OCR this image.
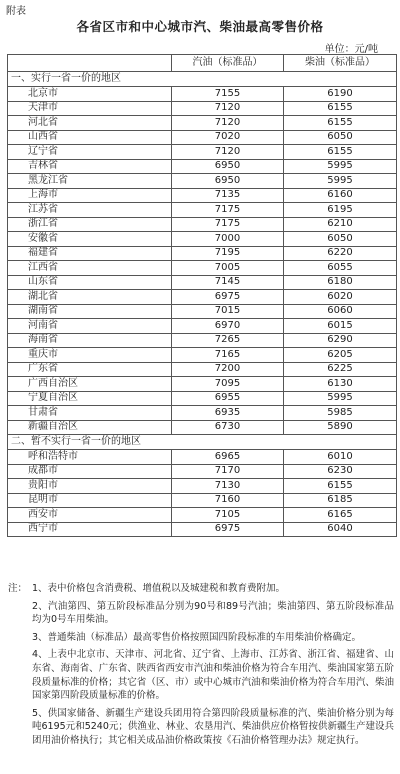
附表
各省区市和中心城市汽、柴油最高零售价格
单位：元/吨
	汽油（标准品）	柴油（标准品）
一、实行一省一价的地区		
北京市	7155	6190
天津市	7120	6155
河北省	7120	6155
山西省	7020	6050
辽宁省	7120	6155
吉林省	6950	5995
黑龙江省	6950	5995
上海市	7135	6160
江苏省	7175	6195
浙江省	7175	6210
安徽省	7000	6050
福建省	7195	6220
江西省	7005	6055
山东省	7145	6180
湖北省	6975	6020
湖南省	7015	6060
河南省	6970	6015
海南省	7265	6290
重庆市	7165	6205
广东省	7200	6225
广西自治区	7095	6130
宁夏自治区	6955	5995
甘肃省	6935	5985
新疆自治区	6730	5890
二、暂不实行一省一价的地区		
呼和浩特市	6965	6010
成都市	7170	6230
贵阳市	7130	6155
昆明市	7160	6185
西安市	7105	6165
西宁市	6975	6040
注： 1、表中价格包含消费税、增值税以及城建税和教育费附加。
2、汽油第四、第五阶段标准品分别为90号和89号汽油；柴油第四、第五阶段标准品均为0号车用柴油。
3、普通柴油（标准品）最高零售价格按照国四阶段标准的车用柴油价格确定。
4、上表中北京市、天津市、河北省、辽宁省、上海市、江苏省、浙江省、福建省、山东省、海南省、广东省、陕西省西安市汽油和柴油价格为符合车用汽、柴油国家第五阶段质量标准的价格；其它省（区、市）或中心城市汽油和柴油价格为符合车用汽、柴油国家第四阶段质量标准的价格。
5、供国家储备、新疆生产建设兵团用符合第四阶段质量标准的汽、柴油价格分别为每吨6195元和5240元；供渔业、林业、农垦用汽、柴油供应价格暂按供新疆生产建设兵团用油价格执行；其它相关成品油价格政策按《石油价格管理办法》规定执行。
